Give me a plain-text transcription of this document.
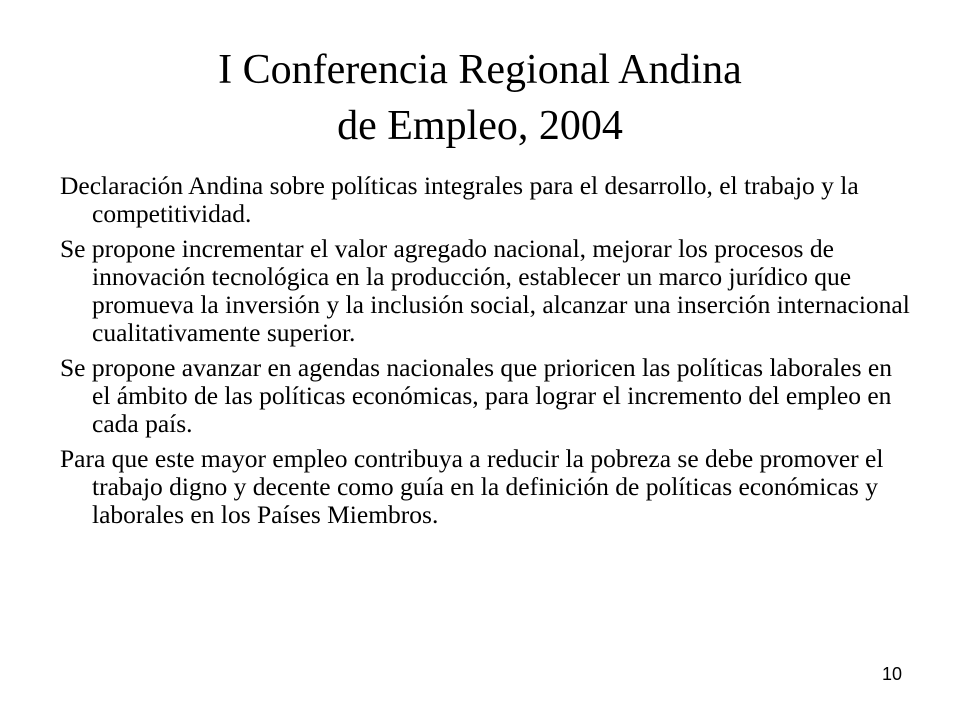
I Conferencia Regional Andina
de Empleo, 2004
Declaración Andina sobre políticas integrales para el desarrollo, el trabajo y la competitividad.
Se propone incrementar el valor agregado nacional, mejorar los procesos de innovación tecnológica en la producción, establecer un marco jurídico que promueva la inversión y la inclusión social, alcanzar una inserción internacional cualitativamente superior.
Se propone avanzar en agendas nacionales que prioricen las políticas laborales en el ámbito de las políticas económicas, para lograr el incremento del empleo en cada país.
Para que este mayor empleo contribuya a reducir la pobreza se debe promover el trabajo digno y decente como guía en la definición de políticas económicas y laborales en los Países Miembros.
10
